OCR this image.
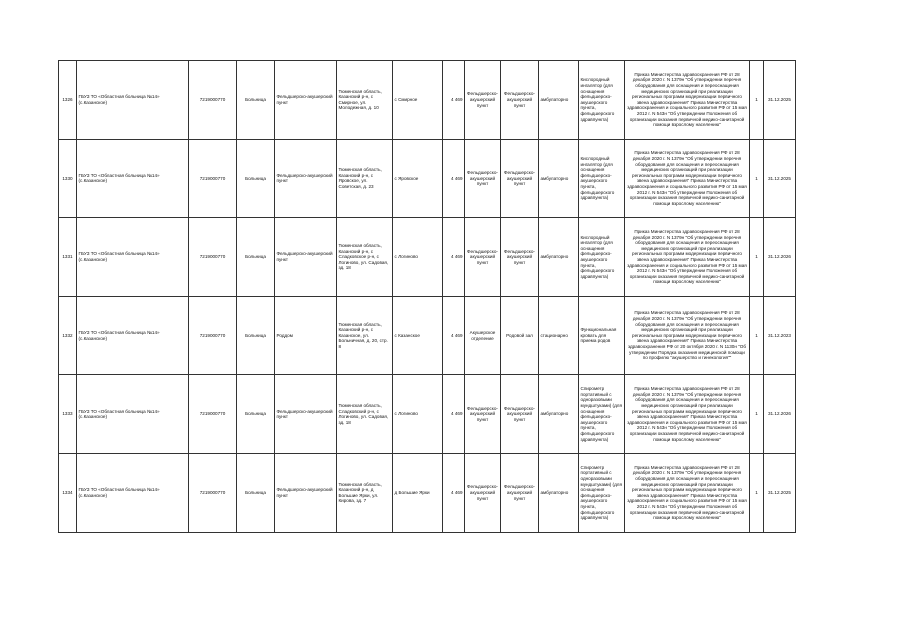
1326	ГБУЗ ТО «Областная больница №14» (с.Казанское)	7219000770	Больница	Фельдшерско-акушерский пункт	Тюменская область, Казанский р-н, с Смирное, ул. Молодежная, д. 10	с Смирное	4 469	Фельдшерско-акушерский пункт	Фельдшерско-акушерский пункт	амбулаторно	Кислородный ингалятор (для оснащения фельдшерско-акушерского пункта, фельдшерского здравпункта)	Приказ Министерства здравоохранения РФ от 28 декабря 2020 г. N 1379н "Об утверждении перечня оборудования для оснащения и переоснащения медицинских организаций при реализации региональных программ модернизации первичного звена здравоохранения" Приказ Министерства здравоохранения и социального развития РФ от 15 мая 2012 г. N 543н "Об утверждении Положения об организации оказания первичной медико-санитарной помощи взрослому населению"	1	31.12.2025
1330	ГБУЗ ТО «Областная больница №14» (с.Казанское)	7219000770	Больница	Фельдшерско-акушерский пункт	Тюменская область, Казанский р-н, с Яровское, ул. Советская, д. 23	с Яровское	4 469	Фельдшерско-акушерский пункт	Фельдшерско-акушерский пункт	амбулаторно	Кислородный ингалятор (для оснащения фельдшерско-акушерского пункта, фельдшерского здравпункта)	Приказ Министерства здравоохранения РФ от 28 декабря 2020 г. N 1379н "Об утверждении перечня оборудования для оснащения и переоснащения медицинских организаций при реализации региональных программ модернизации первичного звена здравоохранения" Приказ Министерства здравоохранения и социального развития РФ от 15 мая 2012 г. N 543н "Об утверждении Положения об организации оказания первичной медико-санитарной помощи взрослому населению"	1	31.12.2025
1331	ГБУЗ ТО «Областная больница №14» (с.Казанское)	7219000770	Больница	Фельдшерско-акушерский пункт	Тюменская область, Казанский р-н, с Сладковское р-н, с Логиново, ул. Садовая, зд. 18	с Логиново	4 469	Фельдшерско-акушерский пункт	Фельдшерско-акушерский пункт	амбулаторно	Кислородный ингалятор (для оснащения фельдшерско-акушерского пункта, фельдшерского здравпункта)	Приказ Министерства здравоохранения РФ от 28 декабря 2020 г. N 1379н "Об утверждении перечня оборудования для оснащения и переоснащения медицинских организаций при реализации региональных программ модернизации первичного звена здравоохранения" Приказ Министерства здравоохранения и социального развития РФ от 15 мая 2012 г. N 543н "Об утверждении Положения об организации оказания первичной медико-санитарной помощи взрослому населению"	1	31.12.2026
1332	ГБУЗ ТО «Областная больница №14» (с.Казанское)	7219000770	Больница	Роддом	Тюменская область, Казанский р-н, с Казанское, ул. Больничная, д. 20, стр. 8	с Казанское	4 469	Акушерское отделение	Родовой зал	стационарно	Функциональная кровать для приема родов	Приказ Министерства здравоохранения РФ от 28 декабря 2020 г. N 1379н "Об утверждении перечня оборудования для оснащения и переоснащения медицинских организаций при реализации региональных программ модернизации первичного звена здравоохранения" Приказ Министерства здравоохранения РФ от 20 октября 2020 г. N 1130н "Об утверждении Порядка оказания медицинской помощи по профилю "акушерство и гинекология""	1	31.12.2023
1333	ГБУЗ ТО «Областная больница №14» (с.Казанское)	7219000770	Больница	Фельдшерско-акушерский пункт	Тюменская область, Сладковский р-н, с Логиново, ул. Садовая, зд. 18	с Логиново	4 469	Фельдшерско-акушерский пункт	Фельдшерско-акушерский пункт	амбулаторно	Спирометр портативный с одноразовыми мундштуками) (для оснащения фельдшерско-акушерского пункта, фельдшерского здравпункта)	Приказ Министерства здравоохранения РФ от 28 декабря 2020 г. N 1379н "Об утверждении перечня оборудования для оснащения и переоснащения медицинских организаций при реализации региональных программ модернизации первичного звена здравоохранения" Приказ Министерства здравоохранения и социального развития РФ от 15 мая 2012 г. N 543н "Об утверждении Положения об организации оказания первичной медико-санитарной помощи взрослому населению"	1	31.12.2026
1334	ГБУЗ ТО «Областная больница №14» (с.Казанское)	7219000770	Больница	Фельдшерско-акушерский пункт	Тюменская область, Казанский р-н, д Большие Ярки, ул. Кирова, зд. 7	д Большие Ярки	4 469	Фельдшерско-акушерский пункт	Фельдшерско-акушерский пункт	амбулаторно	Спирометр портативный с одноразовыми мундштуками) (для оснащения фельдшерско-акушерского пункта, фельдшерского здравпункта)	Приказ Министерства здравоохранения РФ от 28 декабря 2020 г. N 1379н "Об утверждении перечня оборудования для оснащения и переоснащения медицинских организаций при реализации региональных программ модернизации первичного звена здравоохранения" Приказ Министерства здравоохранения и социального развития РФ от 15 мая 2012 г. N 543н "Об утверждении Положения об организации оказания первичной медико-санитарной помощи взрослому населению"	1	31.12.2025
